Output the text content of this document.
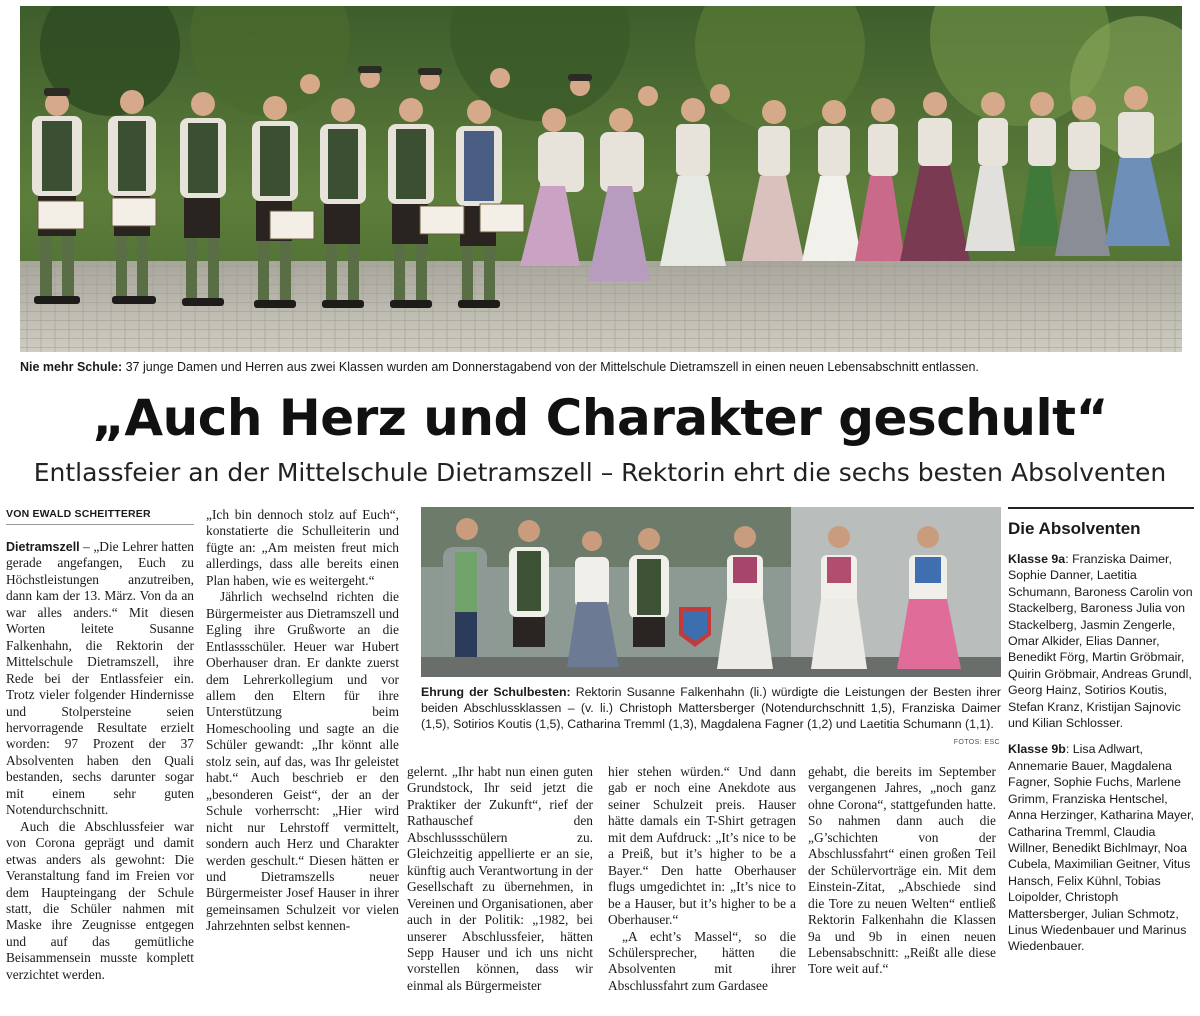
Nie mehr Schule: 37 junge Damen und Herren aus zwei Klassen wurden am Donnerstagabend von der Mittelschule Dietramszell in einen neuen Lebensabschnitt entlassen.
„Auch Herz und Charakter geschult“
Entlassfeier an der Mittelschule Dietramszell – Rektorin ehrt die sechs besten Absolventen
VON EWALD SCHEITTERER

Dietramszell – „Die Lehrer hatten gerade angefangen, Euch zu Höchstleistungen anzutreiben, dann kam der 13. März. Von da an war alles anders.“ Mit diesen Worten leitete Susanne Falkenhahn, die Rektorin der Mittelschule Dietramszell, ihre Rede bei der Entlassfeier ein. Trotz vieler folgender Hindernisse und Stolpersteine seien hervorragende Resultate erzielt worden: 97 Prozent der 37 Absolventen haben den Quali bestanden, sechs darunter sogar mit einem sehr guten Notendurchschnitt.

Auch die Abschlussfeier war von Corona geprägt und damit etwas anders als gewohnt: Die Veranstaltung fand im Freien vor dem Haupteingang der Schule statt, die Schüler nahmen mit Maske ihre Zeugnisse entgegen und auf das gemütliche Beisammensein musste komplett verzichtet werden.

„Ich bin dennoch stolz auf Euch“, konstatierte die Schulleiterin und fügte an: „Am meisten freut mich allerdings, dass alle bereits einen Plan haben, wie es weitergeht.“

Jährlich wechselnd richten die Bürgermeister aus Dietramszell und Egling ihre Grußworte an die Entlassschüler. Heuer war Hubert Oberhauser dran. Er dankte zuerst dem Lehrerkollegium und vor allem den Eltern für ihre Unterstützung beim Homeschooling und sagte an die Schüler gewandt: „Ihr könnt alle stolz sein, auf das, was Ihr geleistet habt.“ Auch beschrieb er den „besonderen Geist“, der an der Schule vorherrscht: „Hier wird nicht nur Lehrstoff vermittelt, sondern auch Herz und Charakter werden geschult.“ Diesen hätten er und Dietramszells neuer Bürgermeister Josef Hauser in ihrer gemeinsamen Schulzeit vor vielen Jahrzehnten selbst kennen-

Ehrung der Schulbesten: Rektorin Susanne Falkenhahn (li.) würdigte die Leistungen der Besten ihrer beiden Abschlussklassen – (v. li.) Christoph Mattersberger (Notendurchschnitt 1,5), Franziska Daimer (1,5), Sotirios Koutis (1,5), Catharina Tremml (1,3), Magdalena Fagner (1,2) und Laetitia Schumann (1,1).
FOTOS: ESC

gelernt. „Ihr habt nun einen guten Grundstock, Ihr seid jetzt die Praktiker der Zukunft“, rief der Rathauschef den Abschlussschülern zu. Gleichzeitig appellierte er an sie, künftig auch Verantwortung in der Gesellschaft zu übernehmen, in Vereinen und Organisationen, aber auch in der Politik: „1982, bei unserer Abschlussfeier, hätten Sepp Hauser und ich uns nicht vorstellen können, dass wir einmal als Bürgermeister

hier stehen würden.“ Und dann gab er noch eine Anekdote aus seiner Schulzeit preis. Hauser hätte damals ein T-Shirt getragen mit dem Aufdruck: „It’s nice to be a Preiß, but it’s higher to be a Bayer.“ Den hatte Oberhauser flugs umgedichtet in: „It’s nice to be a Hauser, but it’s higher to be a Oberhauser.“

„A echt’s Massel“, so die Schülersprecher, hätten die Absolventen mit ihrer Abschlussfahrt zum Gardasee

gehabt, die bereits im September vergangenen Jahres, „noch ganz ohne Corona“, stattgefunden hatte. So nahmen dann auch die „G’schichten von der Abschlussfahrt“ einen großen Teil der Schülervorträge ein. Mit dem Einstein-Zitat, „Abschiede sind die Tore zu neuen Welten“ entließ Rektorin Falkenhahn die Klassen 9a und 9b in einen neuen Lebensabschnitt: „Reißt alle diese Tore weit auf.“

Die Absolventen

Klasse 9a: Franziska Daimer, Sophie Danner, Laetitia Schumann, Baroness Carolin von Stackelberg, Baroness Julia von Stackelberg, Jasmin Zengerle, Omar Alkider, Elias Danner, Benedikt Förg, Martin Gröbmair, Quirin Gröbmair, Andreas Grundl, Georg Hainz, Sotirios Koutis, Stefan Kranz, Kristijan Sajnovic und Kilian Schlosser.

Klasse 9b: Lisa Adlwart, Annemarie Bauer, Magdalena Fagner, Sophie Fuchs, Marlene Grimm, Franziska Hentschel, Anna Herzinger, Katharina Mayer, Catharina Tremml, Claudia Willner, Benedikt Bichlmayr, Noa Cubela, Maximilian Geitner, Vitus Hansch, Felix Kühnl, Tobias Loipolder, Christoph Mattersberger, Julian Schmotz, Linus Wiedenbauer und Marinus Wiedenbauer.
